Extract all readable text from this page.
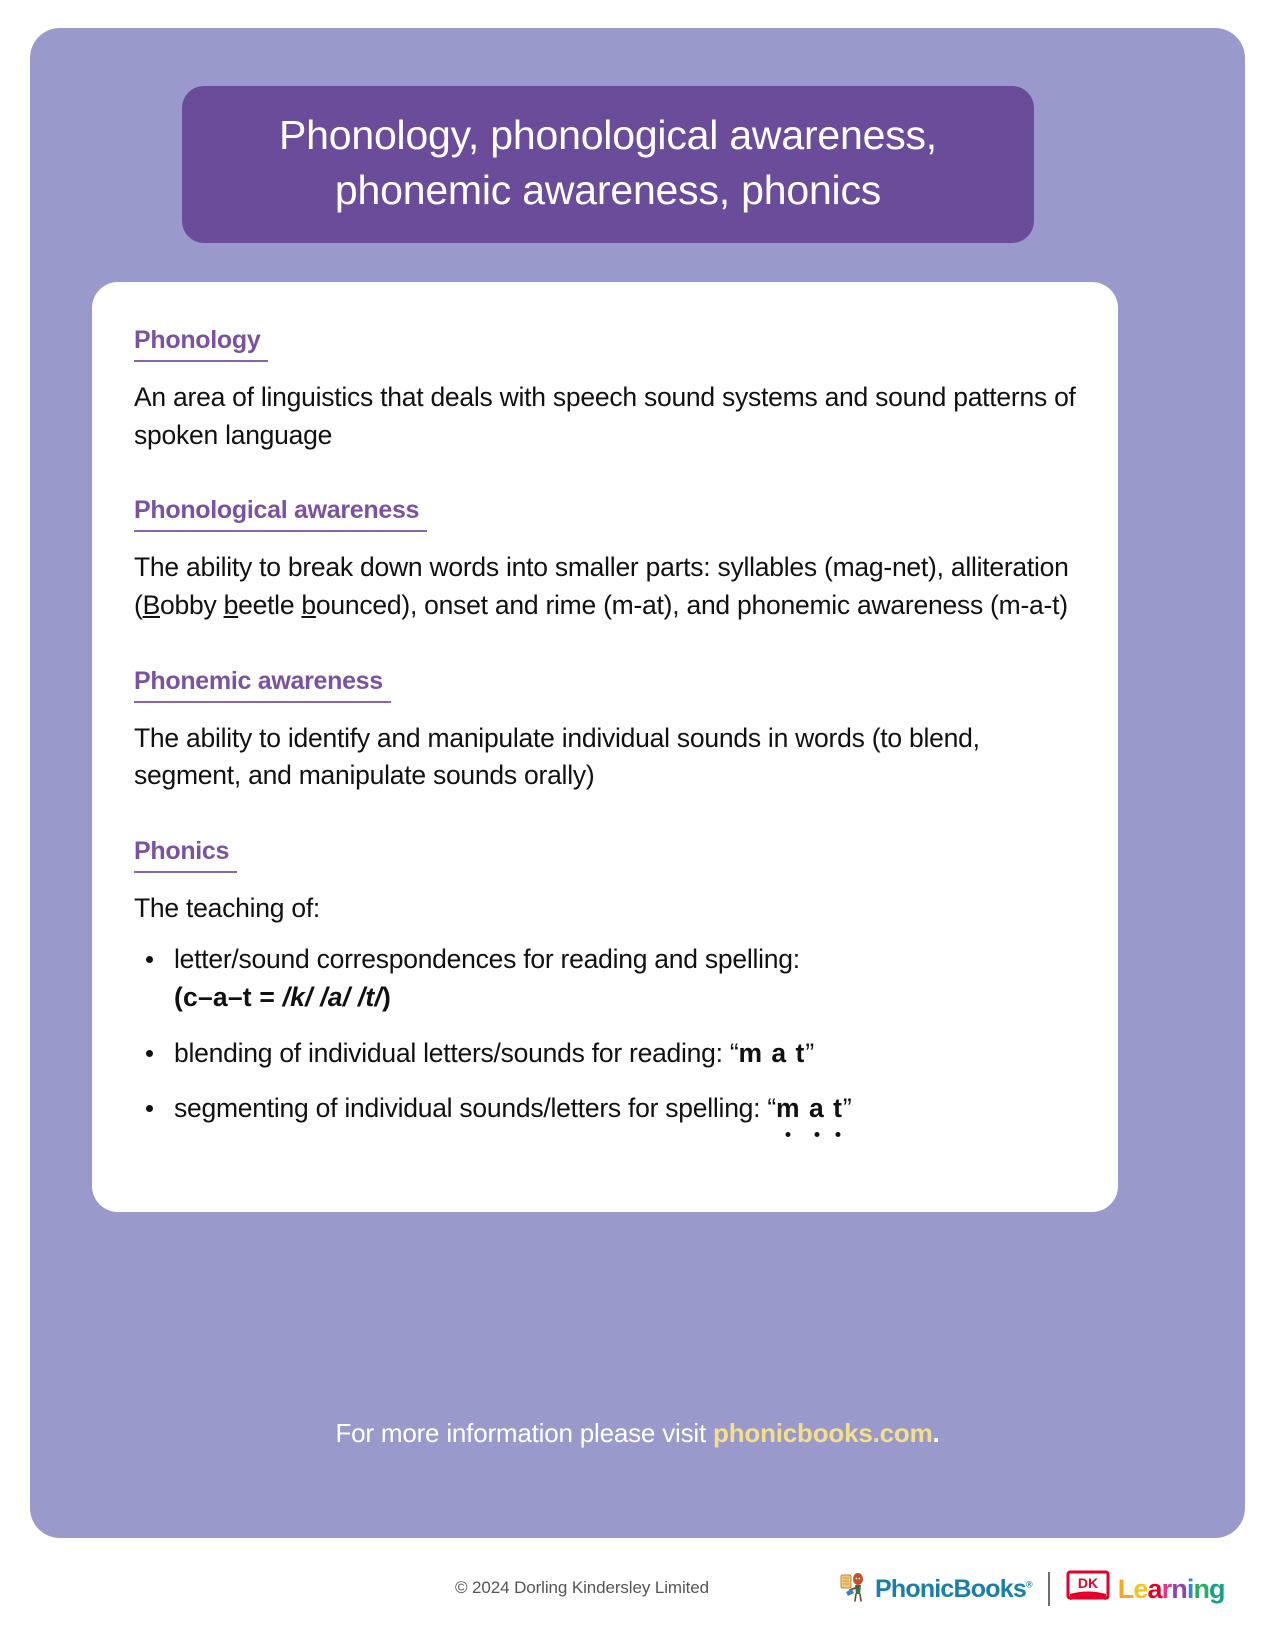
Phonology, phonological awareness,
phonemic awareness, phonics
Phonology

An area of linguistics that deals with speech sound systems and sound patterns of spoken language

Phonological awareness

The ability to break down words into smaller parts: syllables (mag-net), alliteration (Bobby beetle bounced), onset and rime (m-at), and phonemic awareness (m-a-t)

Phonemic awareness

The ability to identify and manipulate individual sounds in words (to blend, segment, and manipulate sounds orally)

Phonics

The teaching of:

letter/sound correspondences for reading and spelling:
(c–a–t = /k/ /a/ /t/)
blending of individual letters/sounds for reading: “m a t”
segmenting of individual sounds/letters for spelling: “m a t”
For more information please visit phonicbooks.com.
© 2024 Dorling Kindersley Limited	PhonicBooks®	DK Learning
